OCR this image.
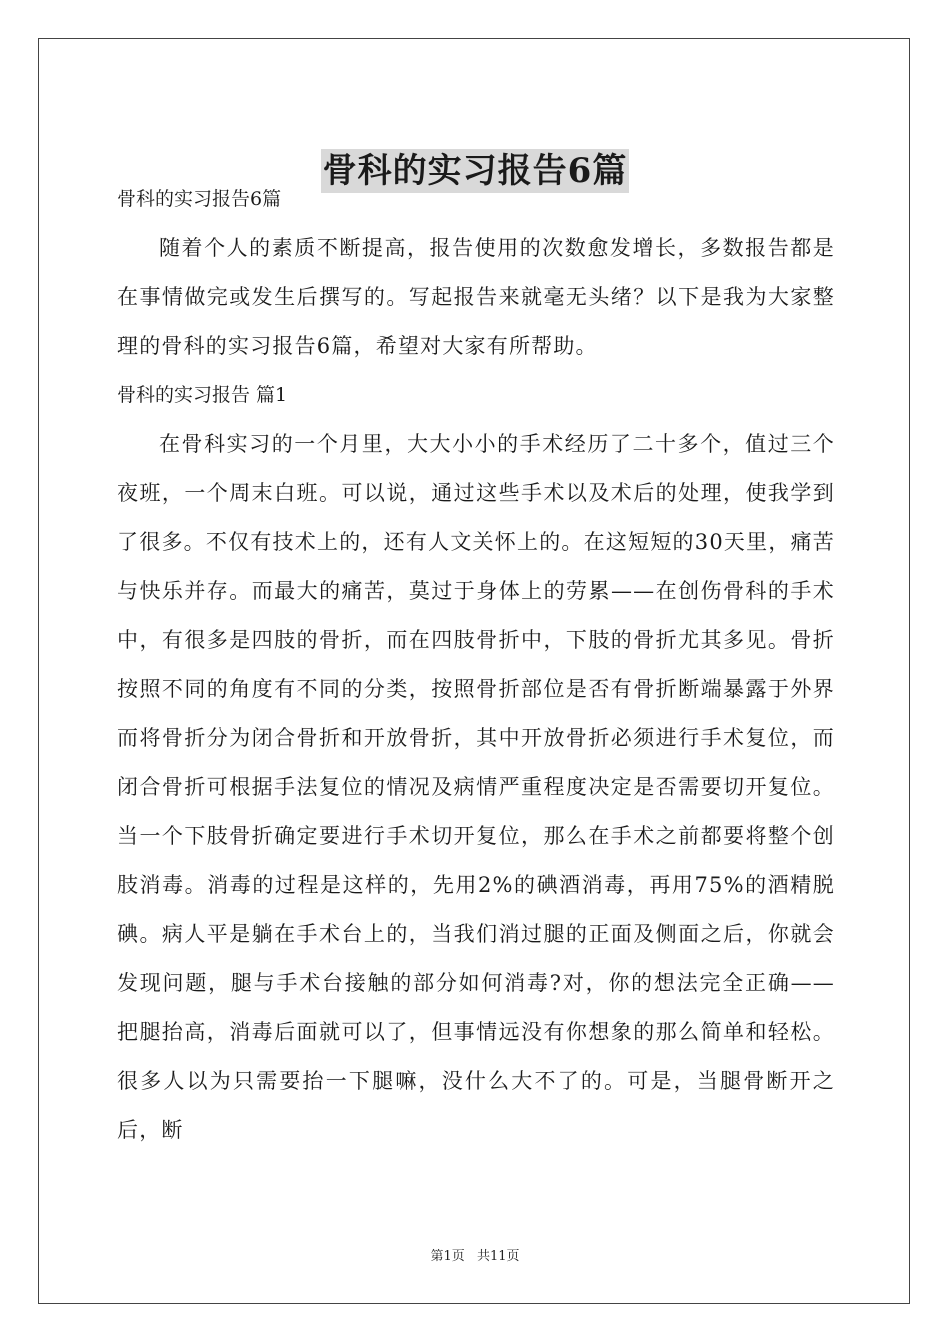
骨科的实习报告6篇

骨科的实习报告6篇

随着个人的素质不断提高，报告使用的次数愈发增长，多数报告都是在事情做完或发生后撰写的。写起报告来就毫无头绪？以下是我为大家整理的骨科的实习报告6篇，希望对大家有所帮助。

骨科的实习报告 篇1

在骨科实习的一个月里，大大小小的手术经历了二十多个，值过三个夜班，一个周末白班。可以说，通过这些手术以及术后的处理，使我学到了很多。不仅有技术上的，还有人文关怀上的。在这短短的30天里，痛苦与快乐并存。而最大的痛苦，莫过于身体上的劳累——在创伤骨科的手术中，有很多是四肢的骨折，而在四肢骨折中，下肢的骨折尤其多见。骨折按照不同的角度有不同的分类，按照骨折部位是否有骨折断端暴露于外界而将骨折分为闭合骨折和开放骨折，其中开放骨折必须进行手术复位，而闭合骨折可根据手法复位的情况及病情严重程度决定是否需要切开复位。当一个下肢骨折确定要进行手术切开复位，那么在手术之前都要将整个创肢消毒。消毒的过程是这样的，先用2%的碘酒消毒，再用75%的酒精脱碘。病人平是躺在手术台上的，当我们消过腿的正面及侧面之后，你就会发现问题，腿与手术台接触的部分如何消毒?对，你的想法完全正确——把腿抬高，消毒后面就可以了，但事情远没有你想象的那么简单和轻松。很多人以为只需要抬一下腿嘛，没什么大不了的。可是，当腿骨断开之后，断

第1页 共11页
